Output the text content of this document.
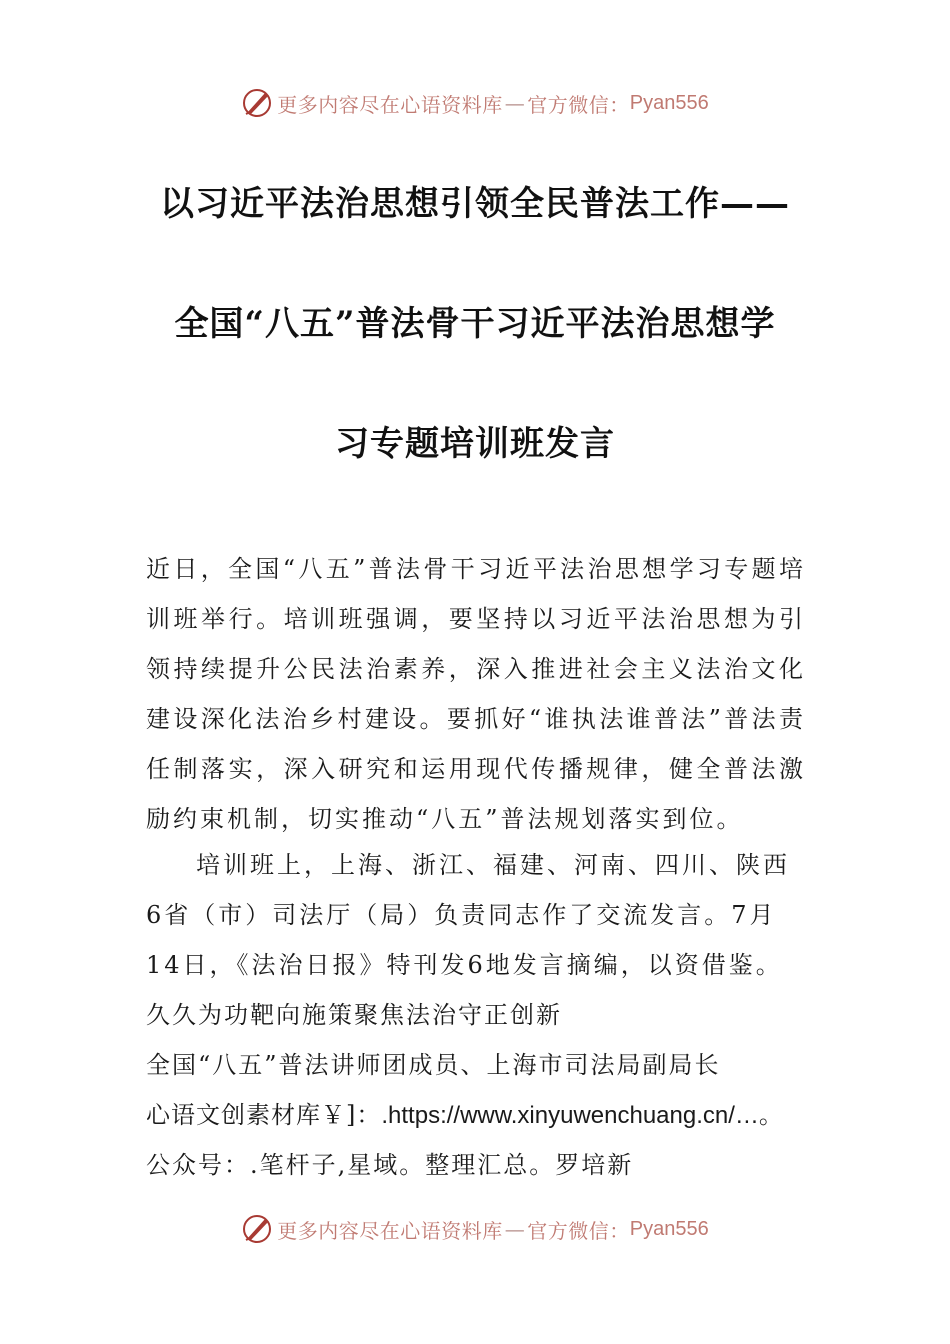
更多内容尽在心语资料库 — 官方微信： Pyan556
以习近平法治思想引领全民普法工作——
全国“八五”普法骨干习近平法治思想学
习专题培训班发言
近日，全国“八五”普法骨干习近平法治思想学习专题培训班举行。培训班强调，要坚持以习近平法治思想为引领持续提升公民法治素养，深入推进社会主义法治文化建设深化法治乡村建设。要抓好“谁执法谁普法”普法责任制落实，深入研究和运用现代传播规律，健全普法激励约束机制，切实推动“八五”普法规划落实到位。
培训班上，上海、浙江、福建、河南、四川、陕西6省（市）司法厅（局）负责同志作了交流发言。7月14日，《法治日报》特刊发6地发言摘编，以资借鉴。
久久为功靶向施策聚焦法治守正创新
全国“八五”普法讲师团成员、上海市司法局副局长
心语文创素材库￥]：.https://www.xinyuwenchuang.cn/…。
公众号：.笔杆子,星域。整理汇总。罗培新
更多内容尽在心语资料库 — 官方微信： Pyan556
